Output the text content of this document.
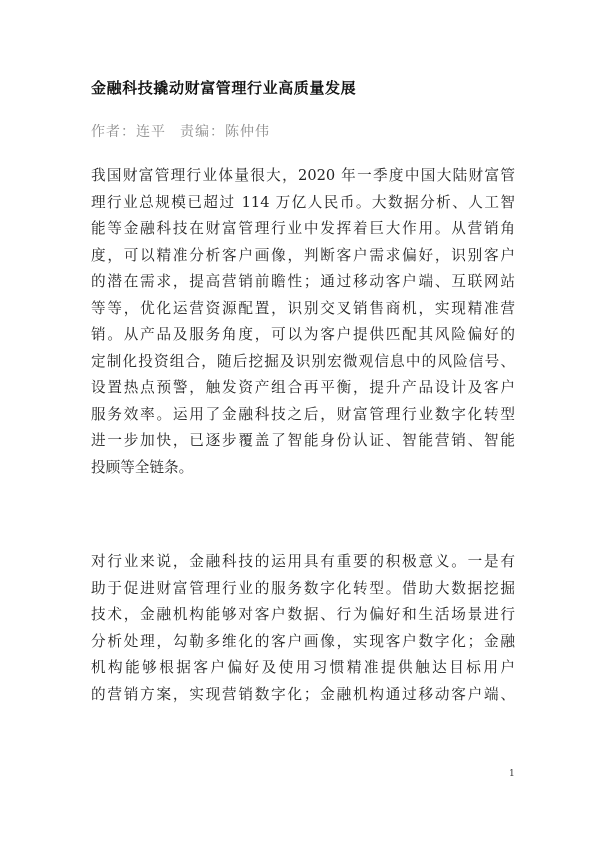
金融科技撬动财富管理行业高质量发展
作者：连平 责编：陈仲伟
我国财富管理行业体量很大，2020 年一季度中国大陆财富管
理行业总规模已超过 114 万亿人民币。大数据分析、人工智
能等金融科技在财富管理行业中发挥着巨大作用。从营销角
度，可以精准分析客户画像，判断客户需求偏好，识别客户
的潜在需求，提高营销前瞻性；通过移动客户端、互联网站
等等，优化运营资源配置，识别交叉销售商机，实现精准营
销。从产品及服务角度，可以为客户提供匹配其风险偏好的
定制化投资组合，随后挖掘及识别宏微观信息中的风险信号、
设置热点预警，触发资产组合再平衡，提升产品设计及客户
服务效率。运用了金融科技之后，财富管理行业数字化转型
进一步加快，已逐步覆盖了智能身份认证、智能营销、智能
投顾等全链条。
对行业来说，金融科技的运用具有重要的积极意义。一是有
助于促进财富管理行业的服务数字化转型。借助大数据挖掘
技术，金融机构能够对客户数据、行为偏好和生活场景进行
分析处理，勾勒多维化的客户画像，实现客户数字化；金融
机构能够根据客户偏好及使用习惯精准提供触达目标用户
的营销方案，实现营销数字化；金融机构通过移动客户端、
1
